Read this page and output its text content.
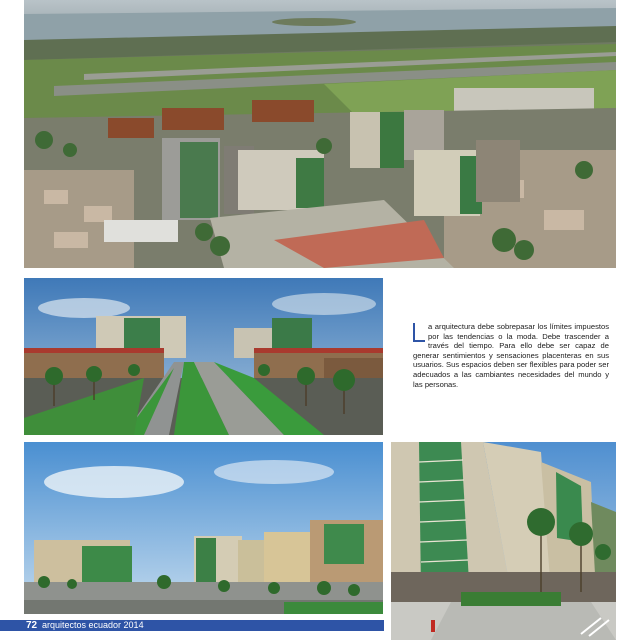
a arquitectura debe sobrepasar los límites impuestos por las tendencias o la moda. Debe trascender a través del tiempo. Para ello debe ser capaz de generar sentimientos y sensaciones placenteras en sus usuarios. Sus espacios deben ser flexibles para poder ser adecuados a las cambiantes necesidades del mundo y las personas.
72 arquitectos ecuador 2014
